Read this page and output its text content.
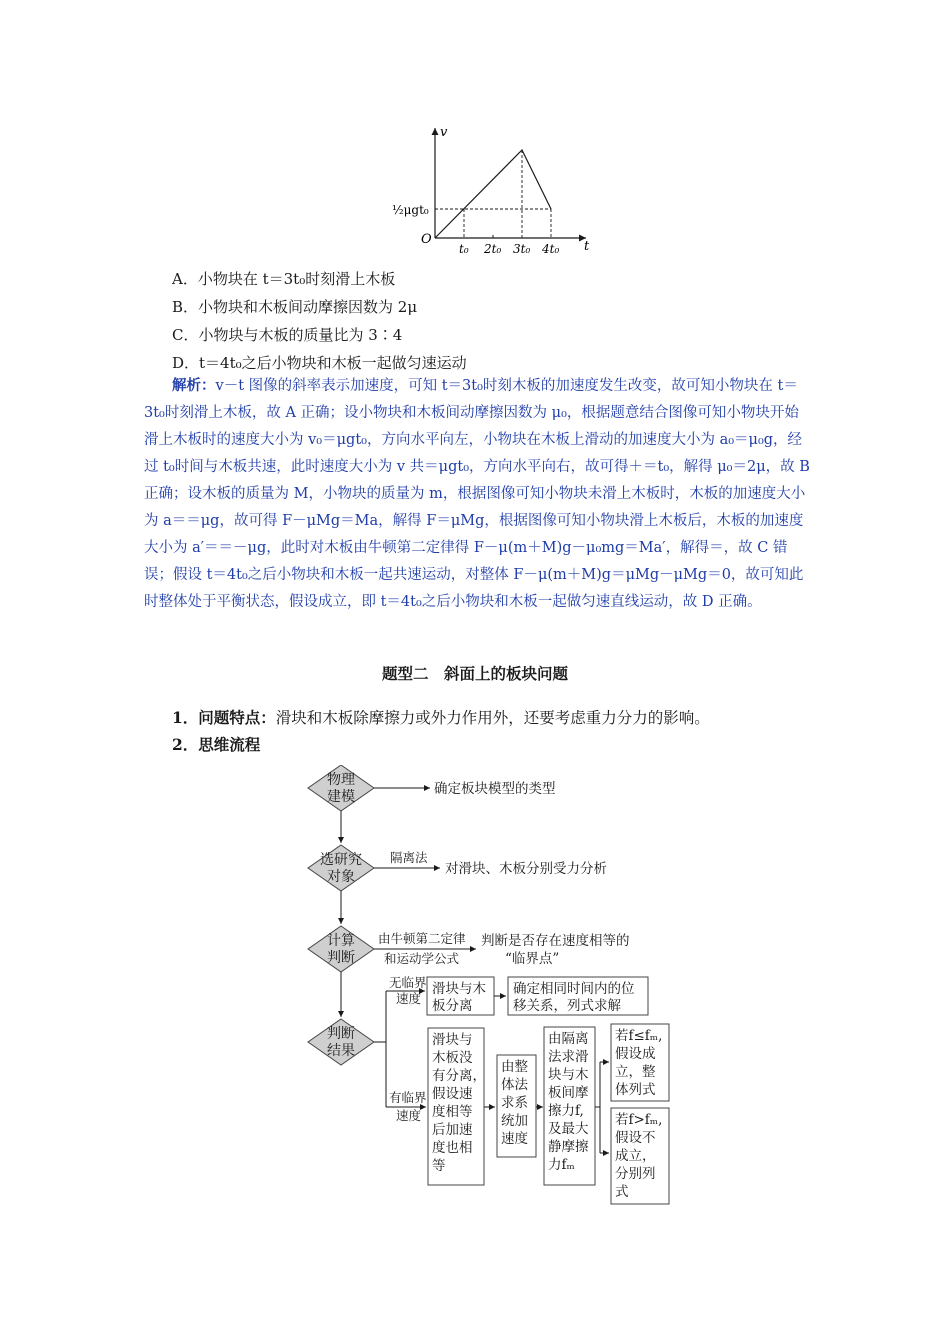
v
t
O
½μgt₀
t₀ 2t₀ 3t₀ 4t₀
A．小物块在 t＝3t₀时刻滑上木板
B．小物块和木板间动摩擦因数为 2μ
C．小物块与木板的质量比为 3∶4
D．t＝4t₀之后小物块和木板一起做匀速运动
解析：v－t 图像的斜率表示加速度，可知 t＝3t₀时刻木板的加速度发生改变，故可知小物块在 t＝3t₀时刻滑上木板，故 A 正确；设小物块和木板间动摩擦因数为 μ₀，根据题意结合图像可知小物块开始滑上木板时的速度大小为 v₀＝μgt₀，方向水平向左，小物块在木板上滑动的加速度大小为 a₀＝μ₀g，经过 t₀时间与木板共速，此时速度大小为 v 共＝μgt₀，方向水平向右，故可得＋＝t₀，解得 μ₀＝2μ，故 B 正确；设木板的质量为 M，小物块的质量为 m，根据图像可知小物块未滑上木板时，木板的加速度大小为 a＝＝μg，故可得 F－μMg＝Ma，解得 F＝μMg，根据图像可知小物块滑上木板后，木板的加速度大小为 a′＝＝－μg，此时对木板由牛顿第二定律得 F－μ(m＋M)g－μ₀mg＝Ma′，解得＝，故 C 错误；假设 t＝4t₀之后小物块和木板一起共速运动，对整体 F－μ(m＋M)g＝μMg－μMg＝0，故可知此时整体处于平衡状态，假设成立，即 t＝4t₀之后小物块和木板一起做匀速直线运动，故 D 正确。
题型二　斜面上的板块问题
1．问题特点：滑块和木板除摩擦力或外力作用外，还要考虑重力分力的影响。
2．思维流程
物理
建模
选研究
对象
计算
判断
判断
结果
确定板块模型的类型
隔离法
对滑块、木板分别受力分析
由牛顿第二定律
和运动学公式
判断是否存在速度相等的
“临界点”
无临界
速度
有临界
速度
滑块与木
板分离
确定相同时间内的位
移关系，列式求解
滑块与
木板没
有分离，
假设速
度相等
后加速
度也相
等
由整
体法
求系
统加
速度
由隔离
法求滑
块与木
板间摩
擦力f,
及最大
静摩擦
力fₘ
若f≤fₘ,
假设成
立，整
体列式
若f>fₘ,
假设不
成立，
分别列
式
